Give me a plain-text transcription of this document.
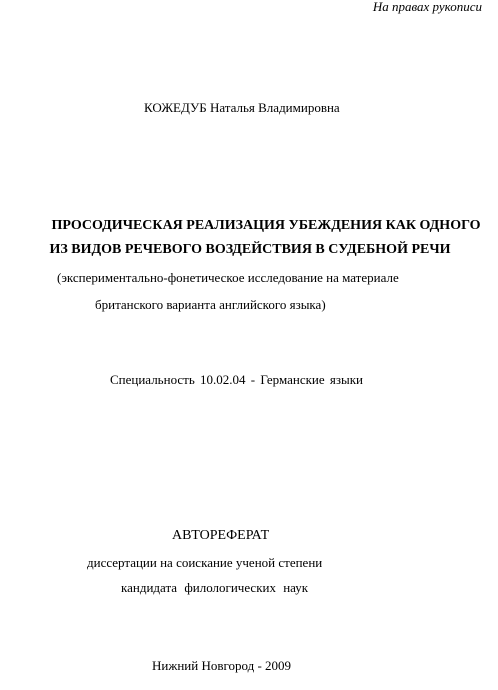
На правах рукописи
КОЖЕДУБ Наталья Владимировна
ПРОСОДИЧЕСКАЯ РЕАЛИЗАЦИЯ УБЕЖДЕНИЯ КАК ОДНОГО
ИЗ ВИДОВ РЕЧЕВОГО ВОЗДЕЙСТВИЯ В СУДЕБНОЙ РЕЧИ
(экспериментально-фонетическое исследование на материале
британского варианта английского языка)
Специальность 10.02.04 - Германские языки
АВТОРЕФЕРАТ
диссертации на соискание ученой степени
кандидата филологических наук
Нижний Новгород - 2009
